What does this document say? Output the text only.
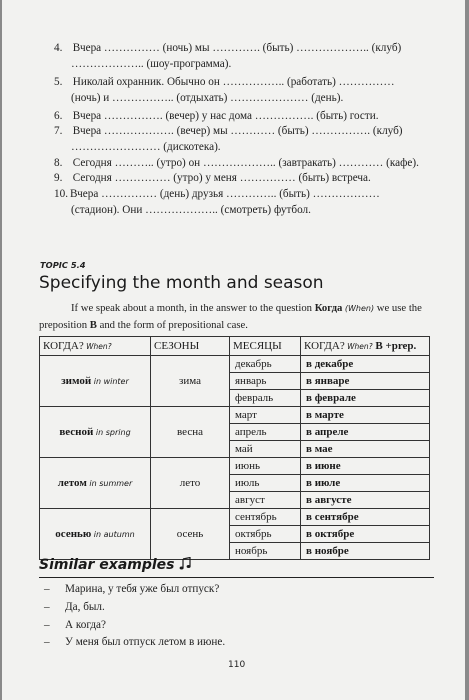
4. Вчера …………… (ночь) мы …………. (быть) ……………….. (клуб)
……………….. (шоу-программа).
5. Николай охранник. Обычно он …………….. (работать) ……………
(ночь) и …………….. (отдыхать) ………………… (день).
6. Вчера ……………. (вечер) у нас дома ……………. (быть) гости.
7. Вчера ………………. (вечер) мы ………… (быть) ……………. (клуб)
…………………… (дискотека).
8. Сегодня ……….. (утро) он ……………….. (завтракать) ………… (кафе).
9. Сегодня …………… (утро) у меня …………… (быть) встреча.
10. Вчера …………… (день) друзья ………….. (быть) ………………
(стадион). Они ……………….. (смотреть) футбол.
TOPIC 5.4
Specifying the month and season

If we speak about a month, in the answer to the question Когда (When) we use the preposition В and the form of prepositional case.

КОГДА? When?	СЕЗОНЫ	МЕСЯЦЫ	КОГДА? When? В +prep.
зимой in winter	зима	декабрь	в декабре
		январь	в январе
		февраль	в феврале
весной in spring	весна	март	в марте
		апрель	в апреле
		май	в мае
летом in summer	лето	июнь	в июне
		июль	в июле
		август	в августе
осенью in autumn	осень	сентябрь	в сентябре
		октябрь	в октябре
		ноябрь	в ноябре
Similar examples
– Марина, у тебя уже был отпуск?
– Да, был.
– А когда?
– У меня был отпуск летом в июне.
110
